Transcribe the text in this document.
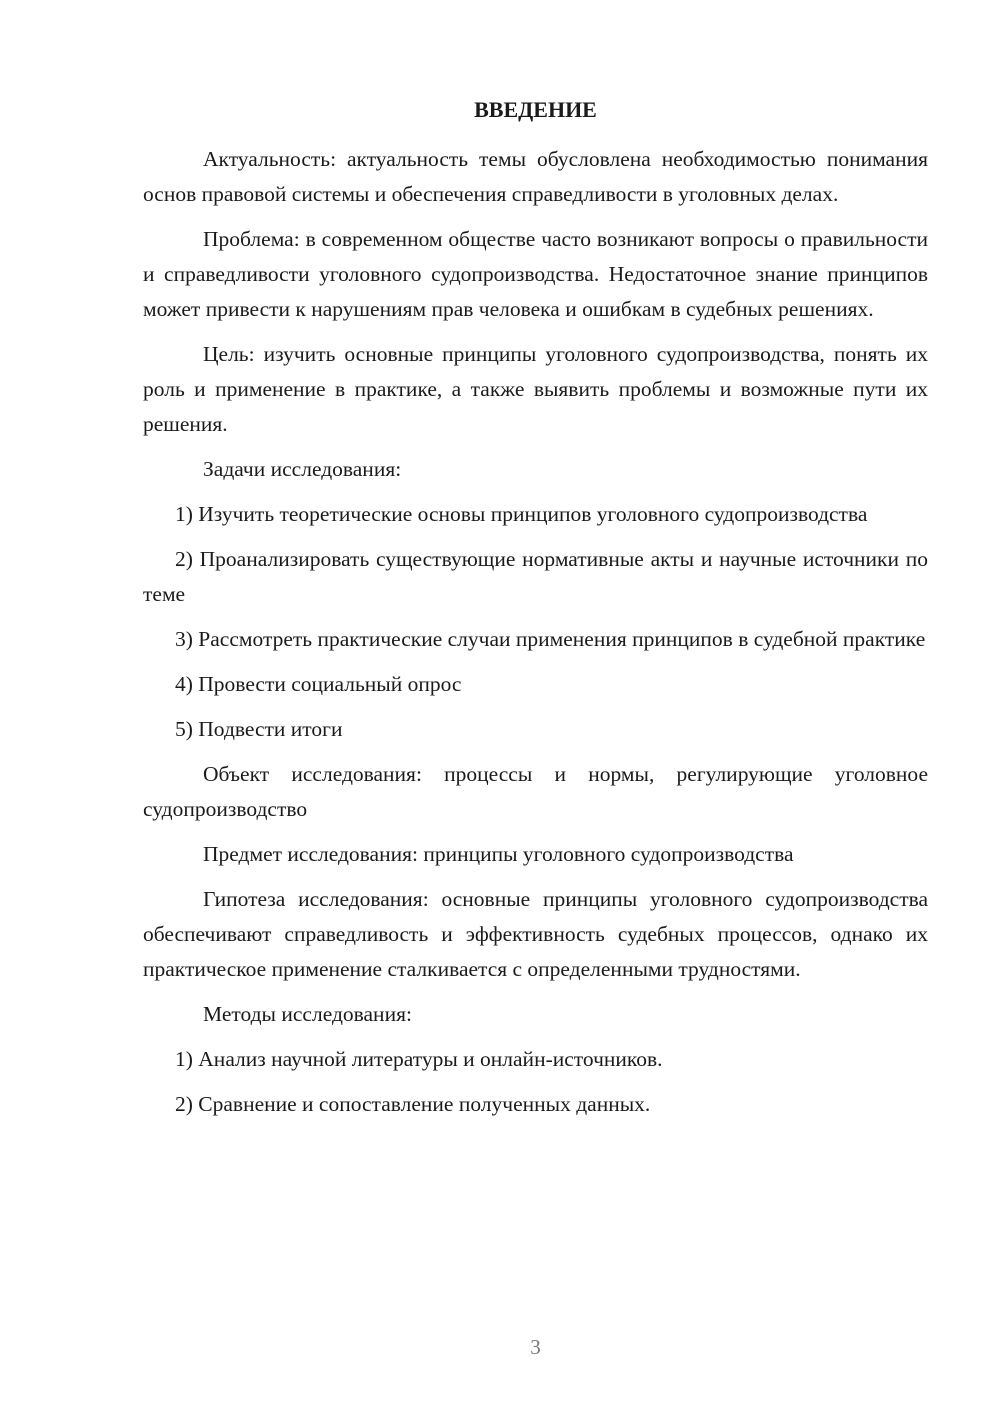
ВВЕДЕНИЕ

Актуальность: актуальность темы обусловлена необходимостью понимания основ правовой системы и обеспечения справедливости в уголовных делах.

Проблема: в современном обществе часто возникают вопросы о правильности и справедливости уголовного судопроизводства. Недостаточное знание принципов может привести к нарушениям прав человека и ошибкам в судебных решениях.

Цель: изучить основные принципы уголовного судопроизводства, понять их роль и применение в практике, а также выявить проблемы и возможные пути их решения.

Задачи исследования:

1) Изучить теоретические основы принципов уголовного судопроизводства

2) Проанализировать существующие нормативные акты и научные источники по теме

3) Рассмотреть практические случаи применения принципов в судебной практике

4) Провести социальный опрос

5) Подвести итоги

Объект исследования: процессы и нормы, регулирующие уголовное судопроизводство

Предмет исследования: принципы уголовного судопроизводства

Гипотеза исследования: основные принципы уголовного судопроизводства обеспечивают справедливость и эффективность судебных процессов, однако их практическое применение сталкивается с определенными трудностями.

Методы исследования:

1) Анализ научной литературы и онлайн-источников.

2) Сравнение и сопоставление полученных данных.

3
